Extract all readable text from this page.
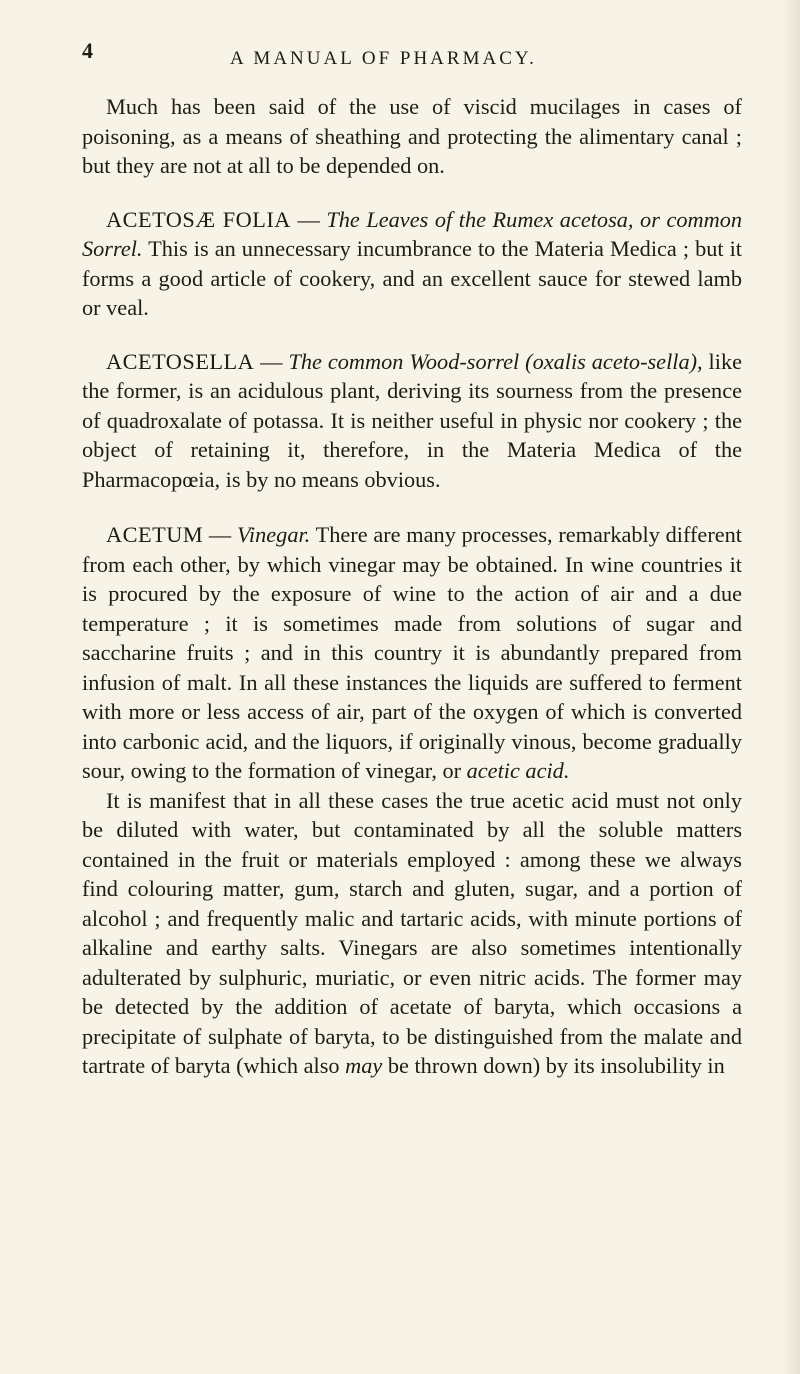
4	A MANUAL OF PHARMACY.

Much has been said of the use of viscid mucilages in cases of poisoning, as a means of sheathing and protecting the alimentary canal ; but they are not at all to be depended on.

ACETOSÆ FOLIA — The Leaves of the Rumex acetosa, or common Sorrel. This is an unnecessary incumbrance to the Materia Medica ; but it forms a good article of cookery, and an excellent sauce for stewed lamb or veal.

ACETOSELLA — The common Wood-sorrel (oxalis aceto-sella), like the former, is an acidulous plant, deriving its sourness from the presence of quadroxalate of potassa. It is neither useful in physic nor cookery ; the object of retaining it, therefore, in the Materia Medica of the Pharmacopœia, is by no means obvious.

ACETUM — Vinegar. There are many processes, remarkably different from each other, by which vinegar may be obtained. In wine countries it is procured by the exposure of wine to the action of air and a due temperature ; it is sometimes made from solutions of sugar and saccharine fruits ; and in this country it is abundantly prepared from infusion of malt. In all these instances the liquids are suffered to ferment with more or less access of air, part of the oxygen of which is converted into carbonic acid, and the liquors, if originally vinous, become gradually sour, owing to the formation of vinegar, or acetic acid.

It is manifest that in all these cases the true acetic acid must not only be diluted with water, but contaminated by all the soluble matters contained in the fruit or materials employed : among these we always find colouring matter, gum, starch and gluten, sugar, and a portion of alcohol ; and frequently malic and tartaric acids, with minute portions of alkaline and earthy salts. Vinegars are also sometimes intentionally adulterated by sulphuric, muriatic, or even nitric acids. The former may be detected by the addition of acetate of baryta, which occasions a precipitate of sulphate of baryta, to be distinguished from the malate and tartrate of baryta (which also may be thrown down) by its insolubility in
